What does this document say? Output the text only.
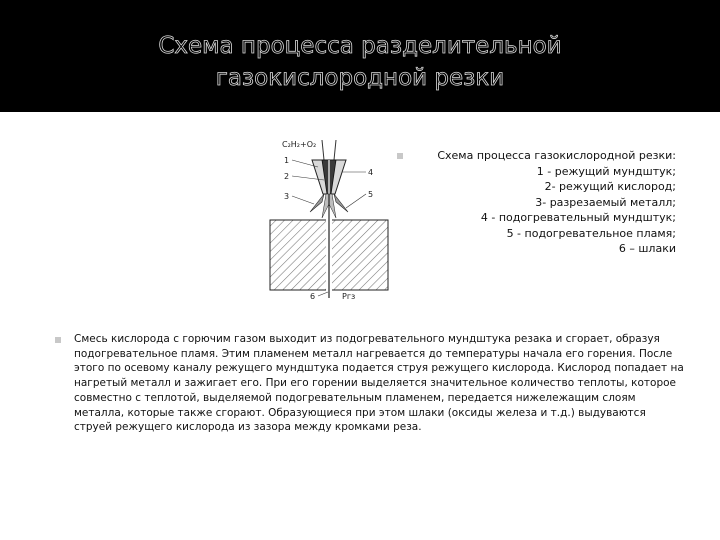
Схема процесса разделительной
газокислородной резки
C₂H₂+O₂
1
2
3
4
5
6	Pгз
Схема процесса газокислородной резки:
1 - режущий мундштук;
2- режущий кислород;
3- разрезаемый металл;
4 - подогревательный мундштук;
5 - подогревательное пламя;
6 – шлаки
Смесь кислорода с горючим газом выходит из подогревательного мундштука резака и сгорает, образуя подогревательное пламя. Этим пламенем металл нагревается до температуры начала его горения. После этого по осевому каналу режущего мундштука подается струя режущего кислорода. Кислород попадает на нагретый металл и зажигает его. При его горении выделяется значительное количество теплоты, которое совместно с теплотой, выделяемой подогревательным пламенем, передается нижележащим слоям металла, которые также сгорают. Образующиеся при этом шлаки (оксиды железа и т.д.) выдуваются струей режущего кислорода из зазора между кромками реза.
